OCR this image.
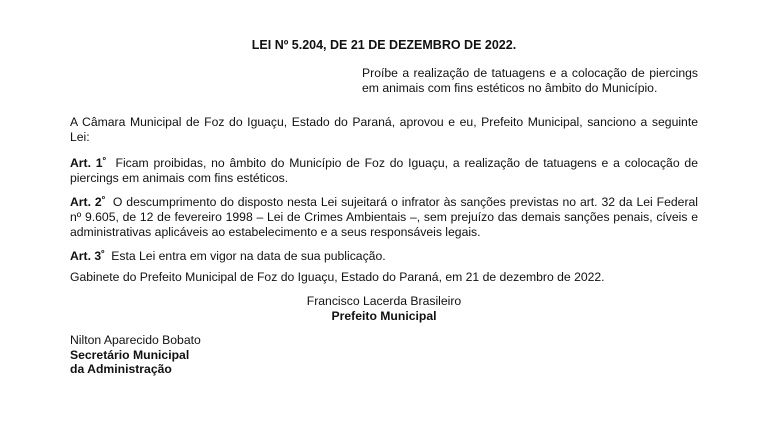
LEI Nº 5.204, DE 21 DE DEZEMBRO DE 2022.
Proíbe a realização de tatuagens e a colocação de piercings em animais com fins estéticos no âmbito do Município.
A Câmara Municipal de Foz do Iguaçu, Estado do Paraná, aprovou e eu, Prefeito Municipal, sanciono a seguinte Lei:
Art. $1^º$ Ficam proibidas, no âmbito do Município de Foz do Iguaçu, a realização de tatuagens e a colocação de piercings em animais com fins estéticos.
Art. $2^º$ O descumprimento do disposto nesta Lei sujeitará o infrator às sanções previstas no art. 32 da Lei Federal nº 9.605, de 12 de fevereiro 1998 – Lei de Crimes Ambientais –, sem prejuízo das demais sanções penais, cíveis e administrativas aplicáveis ao estabelecimento e a seus responsáveis legais.
Art. $3^º$ Esta Lei entra em vigor na data de sua publicação.
Gabinete do Prefeito Municipal de Foz do Iguaçu, Estado do Paraná, em 21 de dezembro de 2022.
Francisco Lacerda Brasileiro
Prefeito Municipal
Nilton Aparecido Bobato
Secretário Municipal
da Administração
